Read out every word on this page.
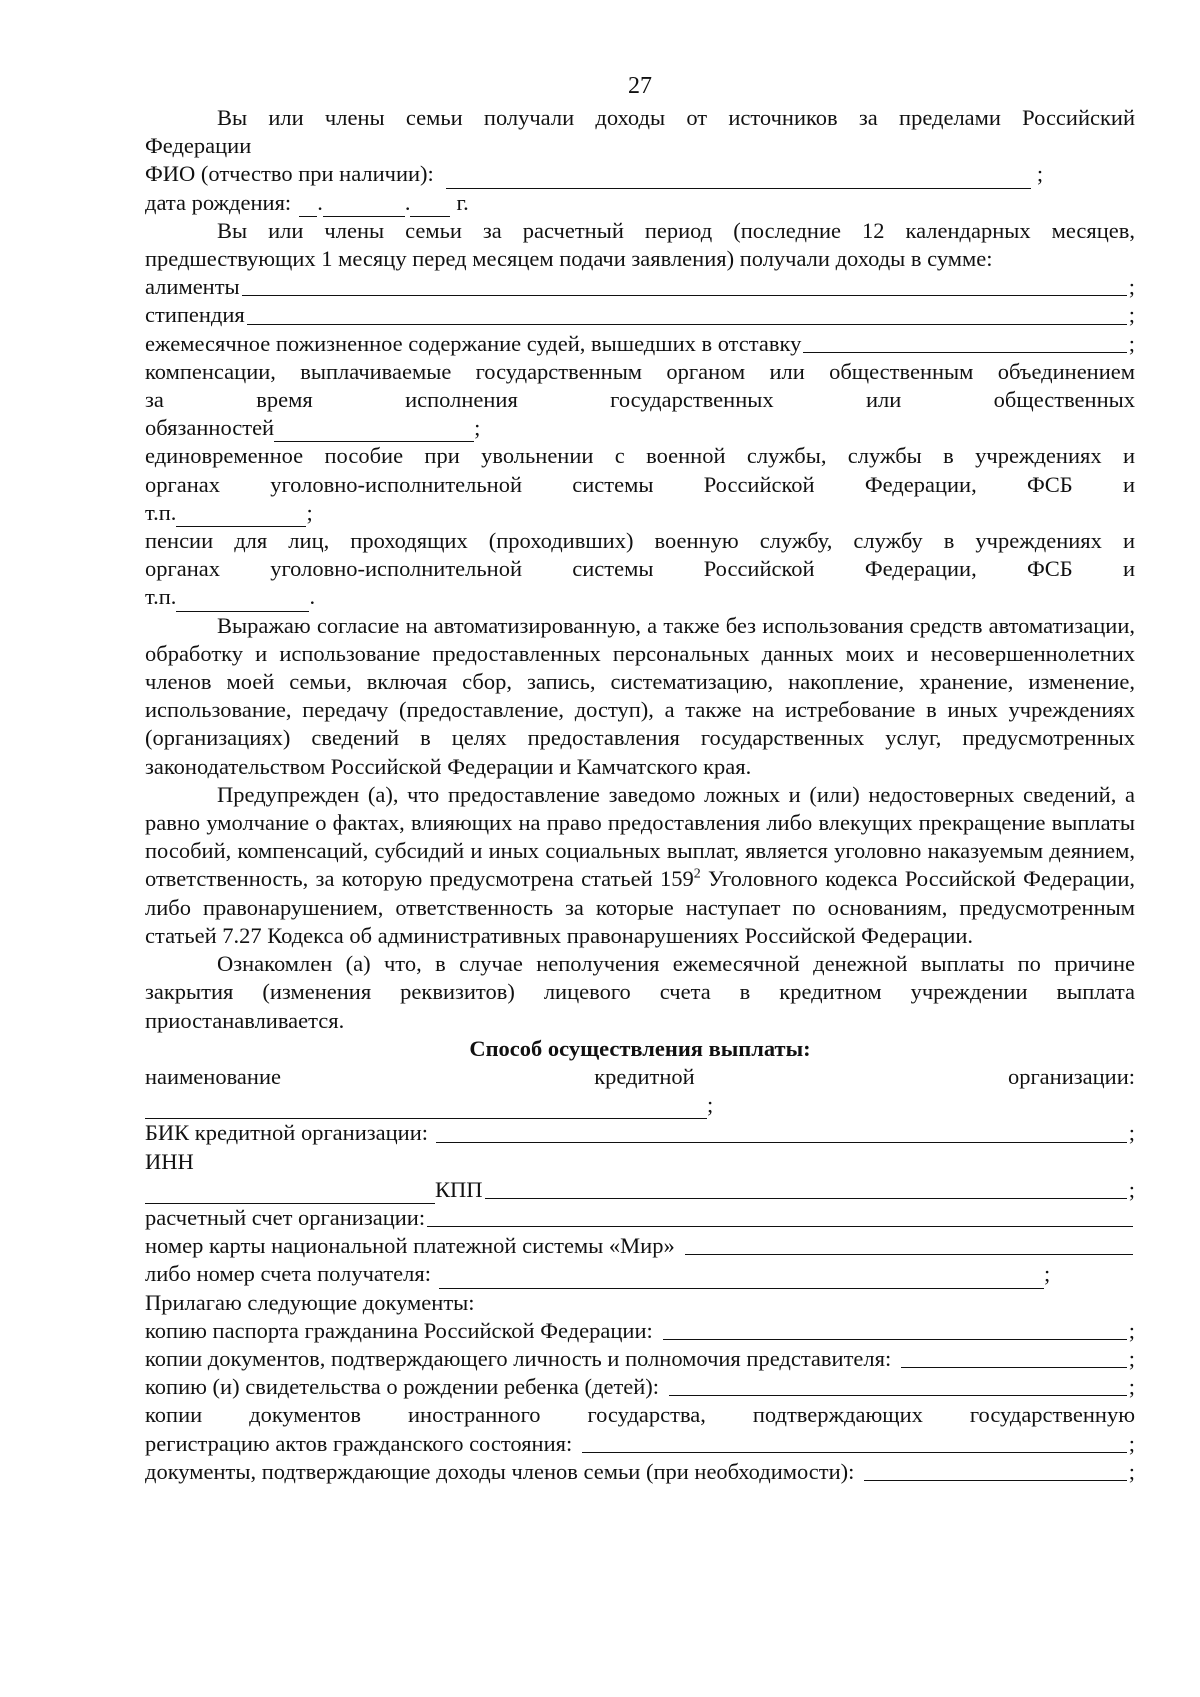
27
Вы или члены семьи получали доходы от источников за пределами Российский
Федерации
ФИО (отчество при наличии):	;
дата рождения: .	. г.
Вы или члены семьи за расчетный период (последние 12 календарных месяцев,
предшествующих 1 месяцу перед месяцем подачи заявления) получали доходы в сумме:
алименты	;
стипендия	;
ежемесячное пожизненное содержание судей, вышедших в отставку	;
компенсации, выплачиваемые государственным органом или общественным объединением
за время исполнения государственных или общественных
обязанностей	;
единовременное пособие при увольнении с военной службы, службы в учреждениях и
органах уголовно-исполнительной системы Российской Федерации, ФСБ и
т.п.	;
пенсии для лиц, проходящих (проходивших) военную службу, службу в учреждениях и
органах уголовно-исполнительной системы Российской Федерации, ФСБ и
т.п.	.
Выражаю согласие на автоматизированную, а также без использования средств автоматизации, обработку и использование предоставленных персональных данных моих и несовершеннолетних членов моей семьи, включая сбор, запись, систематизацию, накопление, хранение, изменение, использование, передачу (предоставление, доступ), а также на истребование в иных учреждениях (организациях) сведений в целях предоставления государственных услуг, предусмотренных законодательством Российской Федерации и Камчатского края.
Предупрежден (а), что предоставление заведомо ложных и (или) недостоверных сведений, а равно умолчание о фактах, влияющих на право предоставления либо влекущих прекращение выплаты пособий, компенсаций, субсидий и иных социальных выплат, является уголовно наказуемым деянием, ответственность, за которую предусмотрена статьей $159^2$ Уголовного кодекса Российской Федерации, либо правонарушением, ответственность за которые наступает по основаниям, предусмотренным статьей 7.27 Кодекса об административных правонарушениях Российской Федерации.
Ознакомлен (а) что, в случае неполучения ежемесячной денежной выплаты по причине закрытия (изменения реквизитов) лицевого счета в кредитном учреждении выплата приостанавливается.
Способ осуществления выплаты:
наименование	кредитной	организации:
;
БИК кредитной организации:	;
ИНН
КПП	;
расчетный счет организации:
номер карты национальной платежной системы «Мир»
либо номер счета получателя:	;
Прилагаю следующие документы:
копию паспорта гражданина Российской Федерации:	;
копии документов, подтверждающего личность и полномочия представителя:	;
копию (и) свидетельства о рождении ребенка (детей):	;
копии документов иностранного государства, подтверждающих государственную
регистрацию актов гражданского состояния:	;
документы, подтверждающие доходы членов семьи (при необходимости):	;
